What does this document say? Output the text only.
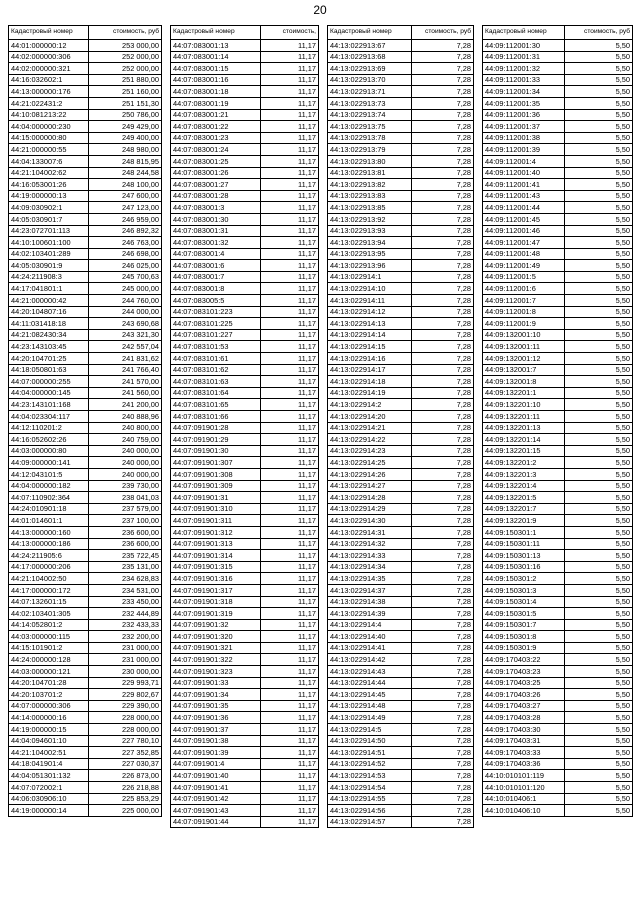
20
Кадастровый номер	стоимость, руб
44:01:000000:12	253 000,00
44:02:000000:306	252 000,00
44:02:000000:321	252 000,00
44:16:032602:1	251 880,00
44:13:000000:176	251 160,00
44:21:022431:2	251 151,30
44:10:081213:22	250 786,00
44:04:000000:230	249 429,00
44:15:000000:80	249 400,00
44:21:000000:55	248 980,00
44:04:133007:6	248 815,95
44:21:104002:62	248 244,58
44:16:053001:26	248 100,00
44:19:000000:13	247 600,00
44:09:030902:1	247 123,00
44:05:030901:7	246 959,00
44:23:072701:113	246 892,32
44:10:100601:100	246 763,00
44:02:103401:289	246 698,00
44:05:030901:9	246 025,00
44:24:211908:3	245 700,63
44:17:041801:1	245 000,00
44:21:000000:42	244 760,00
44:20:104807:16	244 000,00
44:11:031418:18	243 690,68
44:21:082430:34	243 321,30
44:23:143103:45	242 557,04
44:20:104701:25	241 831,62
44:18:050801:63	241 766,40
44:07:000000:255	241 570,00
44:04:000000:145	241 560,00
44:23:143101:168	241 200,00
44:04:023304:117	240 888,96
44:12:110201:2	240 800,00
44:16:052602:26	240 759,00
44:03:000000:80	240 000,00
44:09:000000:141	240 000,00
44:12:043101:5	240 000,00
44:04:000000:182	239 730,00
44:07:110902:364	238 041,03
44:24:010901:18	237 579,00
44:01:014601:1	237 100,00
44:13:000000:160	236 600,00
44:13:000000:186	236 600,00
44:24:211905:6	235 722,45
44:17:000000:206	235 131,00
44:21:104002:50	234 628,83
44:17:000000:172	234 531,00
44:07:132601:15	233 450,00
44:02:103401:305	232 444,89
44:14:052801:2	232 433,33
44:03:000000:115	232 200,00
44:15:101901:2	231 000,00
44:24:000000:128	231 000,00
44:03:000000:121	230 000,00
44:20:104701:28	229 993,71
44:20:103701:2	229 802,67
44:07:000000:306	229 390,00
44:14:000000:16	228 000,00
44:19:000000:15	228 000,00
44:04:094601:10	227 780,10
44:21:104002:51	227 352,85
44:18:041901:4	227 030,37
44:04:051301:132	226 873,00
44:07:072002:1	226 218,88
44:06:030906:10	225 853,29
44:19:000000:14	225 000,00
Кадастровый номер	стоимость,
44:07:083001:13	11,17
44:07:083001:14	11,17
44:07:083001:15	11,17
44:07:083001:16	11,17
44:07:083001:18	11,17
44:07:083001:19	11,17
44:07:083001:21	11,17
44:07:083001:22	11,17
44:07:083001:23	11,17
44:07:083001:24	11,17
44:07:083001:25	11,17
44:07:083001:26	11,17
44:07:083001:27	11,17
44:07:083001:28	11,17
44:07:083001:3	11,17
44:07:083001:30	11,17
44:07:083001:31	11,17
44:07:083001:32	11,17
44:07:083001:4	11,17
44:07:083001:6	11,17
44:07:083001:7	11,17
44:07:083001:8	11,17
44:07:083005:5	11,17
44:07:083101:223	11,17
44:07:083101:225	11,17
44:07:083101:227	11,17
44:07:083101:53	11,17
44:07:083101:61	11,17
44:07:083101:62	11,17
44:07:083101:63	11,17
44:07:083101:64	11,17
44:07:083101:65	11,17
44:07:083101:66	11,17
44:07:091901:28	11,17
44:07:091901:29	11,17
44:07:091901:30	11,17
44:07:091901:307	11,17
44:07:091901:308	11,17
44:07:091901:309	11,17
44:07:091901:31	11,17
44:07:091901:310	11,17
44:07:091901:311	11,17
44:07:091901:312	11,17
44:07:091901:313	11,17
44:07:091901:314	11,17
44:07:091901:315	11,17
44:07:091901:316	11,17
44:07:091901:317	11,17
44:07:091901:318	11,17
44:07:091901:319	11,17
44:07:091901:32	11,17
44:07:091901:320	11,17
44:07:091901:321	11,17
44:07:091901:322	11,17
44:07:091901:323	11,17
44:07:091901:33	11,17
44:07:091901:34	11,17
44:07:091901:35	11,17
44:07:091901:36	11,17
44:07:091901:37	11,17
44:07:091901:38	11,17
44:07:091901:39	11,17
44:07:091901:4	11,17
44:07:091901:40	11,17
44:07:091901:41	11,17
44:07:091901:42	11,17
44:07:091901:43	11,17
44:07:091901:44	11,17
Кадастровый номер	стоимость, руб
44:13:022913:67	7,28
44:13:022913:68	7,28
44:13:022913:69	7,28
44:13:022913:70	7,28
44:13:022913:71	7,28
44:13:022913:73	7,28
44:13:022913:74	7,28
44:13:022913:75	7,28
44:13:022913:78	7,28
44:13:022913:79	7,28
44:13:022913:80	7,28
44:13:022913:81	7,28
44:13:022913:82	7,28
44:13:022913:83	7,28
44:13:022913:85	7,28
44:13:022913:92	7,28
44:13:022913:93	7,28
44:13:022913:94	7,28
44:13:022913:95	7,28
44:13:022913:96	7,28
44:13:022914:1	7,28
44:13:022914:10	7,28
44:13:022914:11	7,28
44:13:022914:12	7,28
44:13:022914:13	7,28
44:13:022914:14	7,28
44:13:022914:15	7,28
44:13:022914:16	7,28
44:13:022914:17	7,28
44:13:022914:18	7,28
44:13:022914:19	7,28
44:13:022914:2	7,28
44:13:022914:20	7,28
44:13:022914:21	7,28
44:13:022914:22	7,28
44:13:022914:23	7,28
44:13:022914:25	7,28
44:13:022914:26	7,28
44:13:022914:27	7,28
44:13:022914:28	7,28
44:13:022914:29	7,28
44:13:022914:30	7,28
44:13:022914:31	7,28
44:13:022914:32	7,28
44:13:022914:33	7,28
44:13:022914:34	7,28
44:13:022914:35	7,28
44:13:022914:37	7,28
44:13:022914:38	7,28
44:13:022914:39	7,28
44:13:022914:4	7,28
44:13:022914:40	7,28
44:13:022914:41	7,28
44:13:022914:42	7,28
44:13:022914:43	7,28
44:13:022914:44	7,28
44:13:022914:45	7,28
44:13:022914:48	7,28
44:13:022914:49	7,28
44:13:022914:5	7,28
44:13:022914:50	7,28
44:13:022914:51	7,28
44:13:022914:52	7,28
44:13:022914:53	7,28
44:13:022914:54	7,28
44:13:022914:55	7,28
44:13:022914:56	7,28
44:13:022914:57	7,28
Кадастровый номер	стоимость, руб
44:09:112001:30	5,50
44:09:112001:31	5,50
44:09:112001:32	5,50
44:09:112001:33	5,50
44:09:112001:34	5,50
44:09:112001:35	5,50
44:09:112001:36	5,50
44:09:112001:37	5,50
44:09:112001:38	5,50
44:09:112001:39	5,50
44:09:112001:4	5,50
44:09:112001:40	5,50
44:09:112001:41	5,50
44:09:112001:43	5,50
44:09:112001:44	5,50
44:09:112001:45	5,50
44:09:112001:46	5,50
44:09:112001:47	5,50
44:09:112001:48	5,50
44:09:112001:49	5,50
44:09:112001:5	5,50
44:09:112001:6	5,50
44:09:112001:7	5,50
44:09:112001:8	5,50
44:09:112001:9	5,50
44:09:132001:10	5,50
44:09:132001:11	5,50
44:09:132001:12	5,50
44:09:132001:7	5,50
44:09:132001:8	5,50
44:09:132201:1	5,50
44:09:132201:10	5,50
44:09:132201:11	5,50
44:09:132201:13	5,50
44:09:132201:14	5,50
44:09:132201:15	5,50
44:09:132201:2	5,50
44:09:132201:3	5,50
44:09:132201:4	5,50
44:09:132201:5	5,50
44:09:132201:7	5,50
44:09:132201:9	5,50
44:09:150301:1	5,50
44:09:150301:11	5,50
44:09:150301:13	5,50
44:09:150301:16	5,50
44:09:150301:2	5,50
44:09:150301:3	5,50
44:09:150301:4	5,50
44:09:150301:5	5,50
44:09:150301:7	5,50
44:09:150301:8	5,50
44:09:150301:9	5,50
44:09:170403:22	5,50
44:09:170403:23	5,50
44:09:170403:25	5,50
44:09:170403:26	5,50
44:09:170403:27	5,50
44:09:170403:28	5,50
44:09:170403:30	5,50
44:09:170403:31	5,50
44:09:170403:33	5,50
44:09:170403:36	5,50
44:10:010101:119	5,50
44:10:010101:120	5,50
44:10:010406:1	5,50
44:10:010406:10	5,50
